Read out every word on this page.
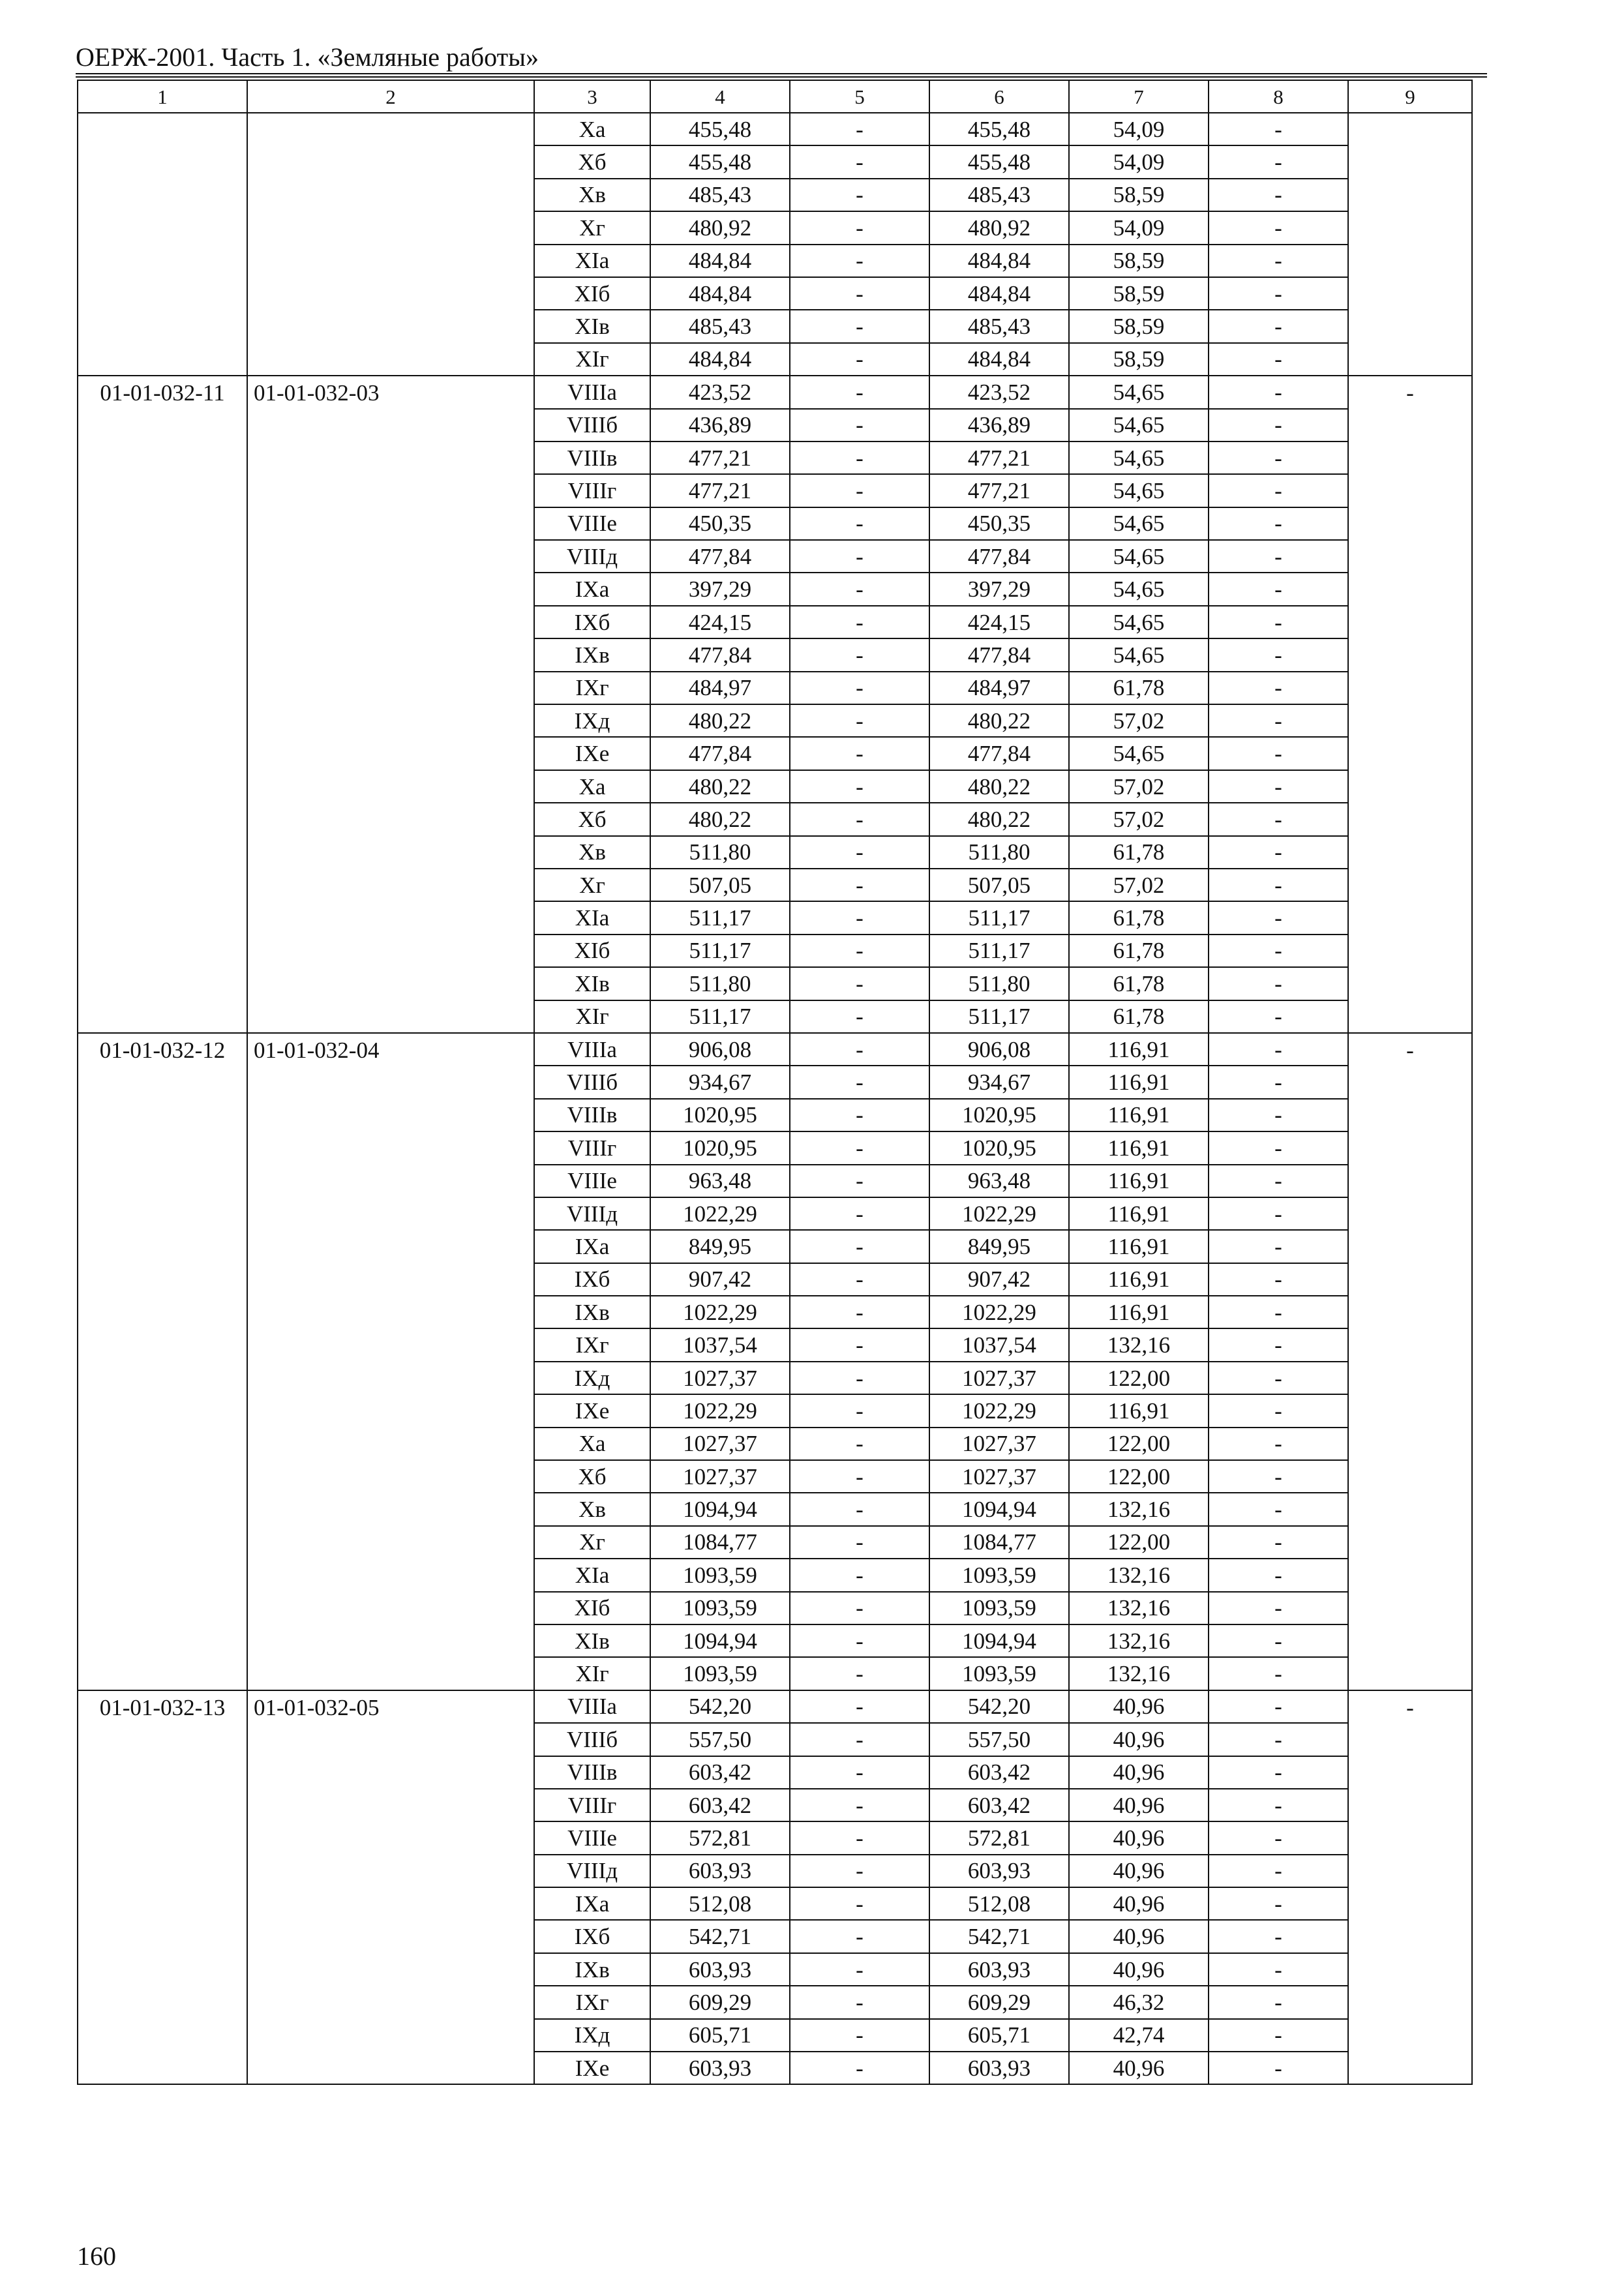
ОЕРЖ-2001. Часть 1. «Земляные работы»
1	2	3	4	5	6	7	8	9
		Xа	455,48	-	455,48	54,09	-	
		Xб	455,48	-	455,48	54,09	-	
		Xв	485,43	-	485,43	58,59	-	
		Xг	480,92	-	480,92	54,09	-	
		XIа	484,84	-	484,84	58,59	-	
		XIб	484,84	-	484,84	58,59	-	
		XIв	485,43	-	485,43	58,59	-	
		XIг	484,84	-	484,84	58,59	-	
01-01-032-11	01-01-032-03	VIIIа	423,52	-	423,52	54,65	-	-
		VIIIб	436,89	-	436,89	54,65	-	
		VIIIв	477,21	-	477,21	54,65	-	
		VIIIг	477,21	-	477,21	54,65	-	
		VIIIе	450,35	-	450,35	54,65	-	
		VIIIд	477,84	-	477,84	54,65	-	
		IXа	397,29	-	397,29	54,65	-	
		IXб	424,15	-	424,15	54,65	-	
		IXв	477,84	-	477,84	54,65	-	
		IXг	484,97	-	484,97	61,78	-	
		IXд	480,22	-	480,22	57,02	-	
		IXе	477,84	-	477,84	54,65	-	
		Xа	480,22	-	480,22	57,02	-	
		Xб	480,22	-	480,22	57,02	-	
		Xв	511,80	-	511,80	61,78	-	
		Xг	507,05	-	507,05	57,02	-	
		XIа	511,17	-	511,17	61,78	-	
		XIб	511,17	-	511,17	61,78	-	
		XIв	511,80	-	511,80	61,78	-	
		XIг	511,17	-	511,17	61,78	-	
01-01-032-12	01-01-032-04	VIIIа	906,08	-	906,08	116,91	-	-
		VIIIб	934,67	-	934,67	116,91	-	
		VIIIв	1020,95	-	1020,95	116,91	-	
		VIIIг	1020,95	-	1020,95	116,91	-	
		VIIIе	963,48	-	963,48	116,91	-	
		VIIIд	1022,29	-	1022,29	116,91	-	
		IXа	849,95	-	849,95	116,91	-	
		IXб	907,42	-	907,42	116,91	-	
		IXв	1022,29	-	1022,29	116,91	-	
		IXг	1037,54	-	1037,54	132,16	-	
		IXд	1027,37	-	1027,37	122,00	-	
		IXе	1022,29	-	1022,29	116,91	-	
		Xа	1027,37	-	1027,37	122,00	-	
		Xб	1027,37	-	1027,37	122,00	-	
		Xв	1094,94	-	1094,94	132,16	-	
		Xг	1084,77	-	1084,77	122,00	-	
		XIа	1093,59	-	1093,59	132,16	-	
		XIб	1093,59	-	1093,59	132,16	-	
		XIв	1094,94	-	1094,94	132,16	-	
		XIг	1093,59	-	1093,59	132,16	-	
01-01-032-13	01-01-032-05	VIIIа	542,20	-	542,20	40,96	-	-
		VIIIб	557,50	-	557,50	40,96	-	
		VIIIв	603,42	-	603,42	40,96	-	
		VIIIг	603,42	-	603,42	40,96	-	
		VIIIе	572,81	-	572,81	40,96	-	
		VIIIд	603,93	-	603,93	40,96	-	
		IXа	512,08	-	512,08	40,96	-	
		IXб	542,71	-	542,71	40,96	-	
		IXв	603,93	-	603,93	40,96	-	
		IXг	609,29	-	609,29	46,32	-	
		IXд	605,71	-	605,71	42,74	-	
		IXе	603,93	-	603,93	40,96	-	
160
